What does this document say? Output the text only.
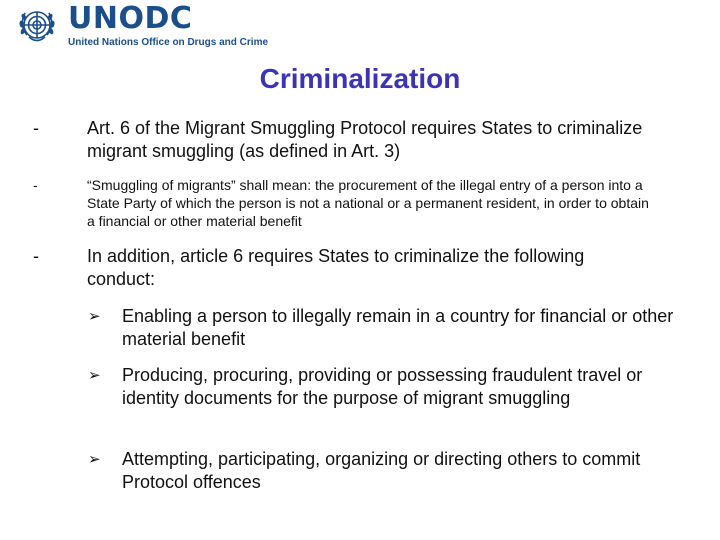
UNODC
United Nations Office on Drugs and Crime
Criminalization
-	Art. 6 of the Migrant Smuggling Protocol requires States to criminalize migrant smuggling (as defined in Art. 3)
-	“Smuggling of migrants” shall mean: the procurement of the illegal entry of a person into a State Party of which the person is not a national or a permanent resident, in order to obtain a financial or other material benefit
-	In addition, article 6 requires States to criminalize the following conduct:
➢	Enabling a person to illegally remain in a country for financial or other material benefit
➢	Producing, procuring, providing or possessing fraudulent travel or identity documents for the purpose of migrant smuggling
➢	Attempting, participating, organizing or directing others to commit Protocol offences
